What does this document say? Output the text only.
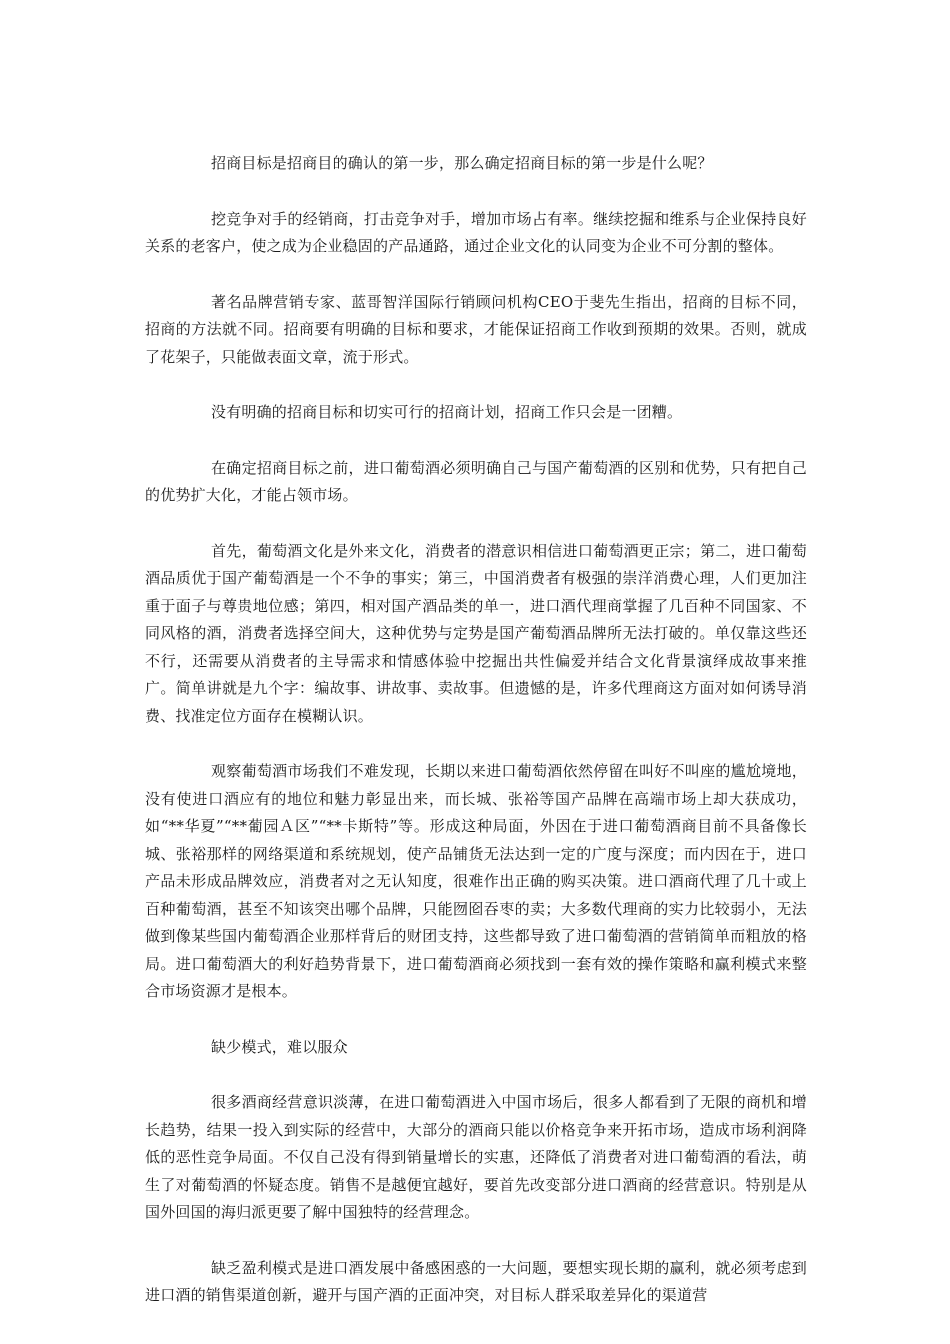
招商目标是招商目的确认的第一步，那么确定招商目标的第一步是什么呢？

挖竞争对手的经销商，打击竞争对手，增加市场占有率。继续挖掘和维系与企业保持良好关系的老客户，使之成为企业稳固的产品通路，通过企业文化的认同变为企业不可分割的整体。

著名品牌营销专家、蓝哥智洋国际行销顾问机构CEO于斐先生指出，招商的目标不同，招商的方法就不同。招商要有明确的目标和要求，才能保证招商工作收到预期的效果。否则，就成了花架子，只能做表面文章，流于形式。

没有明确的招商目标和切实可行的招商计划，招商工作只会是一团糟。

在确定招商目标之前，进口葡萄酒必须明确自己与国产葡萄酒的区别和优势，只有把自己的优势扩大化，才能占领市场。

首先，葡萄酒文化是外来文化，消费者的潜意识相信进口葡萄酒更正宗；第二，进口葡萄酒品质优于国产葡萄酒是一个不争的事实；第三，中国消费者有极强的崇洋消费心理，人们更加注重于面子与尊贵地位感；第四，相对国产酒品类的单一，进口酒代理商掌握了几百种不同国家、不同风格的酒，消费者选择空间大，这种优势与定势是国产葡萄酒品牌所无法打破的。单仅靠这些还不行，还需要从消费者的主导需求和情感体验中挖掘出共性偏爱并结合文化背景演绎成故事来推广。简单讲就是九个字：编故事、讲故事、卖故事。但遗憾的是，许多代理商这方面对如何诱导消费、找准定位方面存在模糊认识。

观察葡萄酒市场我们不难发现，长期以来进口葡萄酒依然停留在叫好不叫座的尴尬境地，没有使进口酒应有的地位和魅力彰显出来，而长城、张裕等国产品牌在高端市场上却大获成功，如“**华夏”“**葡园Ａ区”“**卡斯特”等。形成这种局面，外因在于进口葡萄酒商目前不具备像长城、张裕那样的网络渠道和系统规划，使产品铺货无法达到一定的广度与深度；而内因在于，进口产品未形成品牌效应，消费者对之无认知度，很难作出正确的购买决策。进口酒商代理了几十或上百种葡萄酒，甚至不知该突出哪个品牌，只能囫囵吞枣的卖；大多数代理商的实力比较弱小，无法做到像某些国内葡萄酒企业那样背后的财团支持，这些都导致了进口葡萄酒的营销简单而粗放的格局。进口葡萄酒大的利好趋势背景下，进口葡萄酒商必须找到一套有效的操作策略和赢利模式来整合市场资源才是根本。

缺少模式，难以服众

很多酒商经营意识淡薄，在进口葡萄酒进入中国市场后，很多人都看到了无限的商机和增长趋势，结果一投入到实际的经营中，大部分的酒商只能以价格竞争来开拓市场，造成市场利润降低的恶性竞争局面。不仅自己没有得到销量增长的实惠，还降低了消费者对进口葡萄酒的看法，萌生了对葡萄酒的怀疑态度。销售不是越便宜越好，要首先改变部分进口酒商的经营意识。特别是从国外回国的海归派更要了解中国独特的经营理念。

缺乏盈利模式是进口酒发展中备感困惑的一大问题，要想实现长期的赢利，就必须考虑到进口酒的销售渠道创新，避开与国产酒的正面冲突，对目标人群采取差异化的渠道营
